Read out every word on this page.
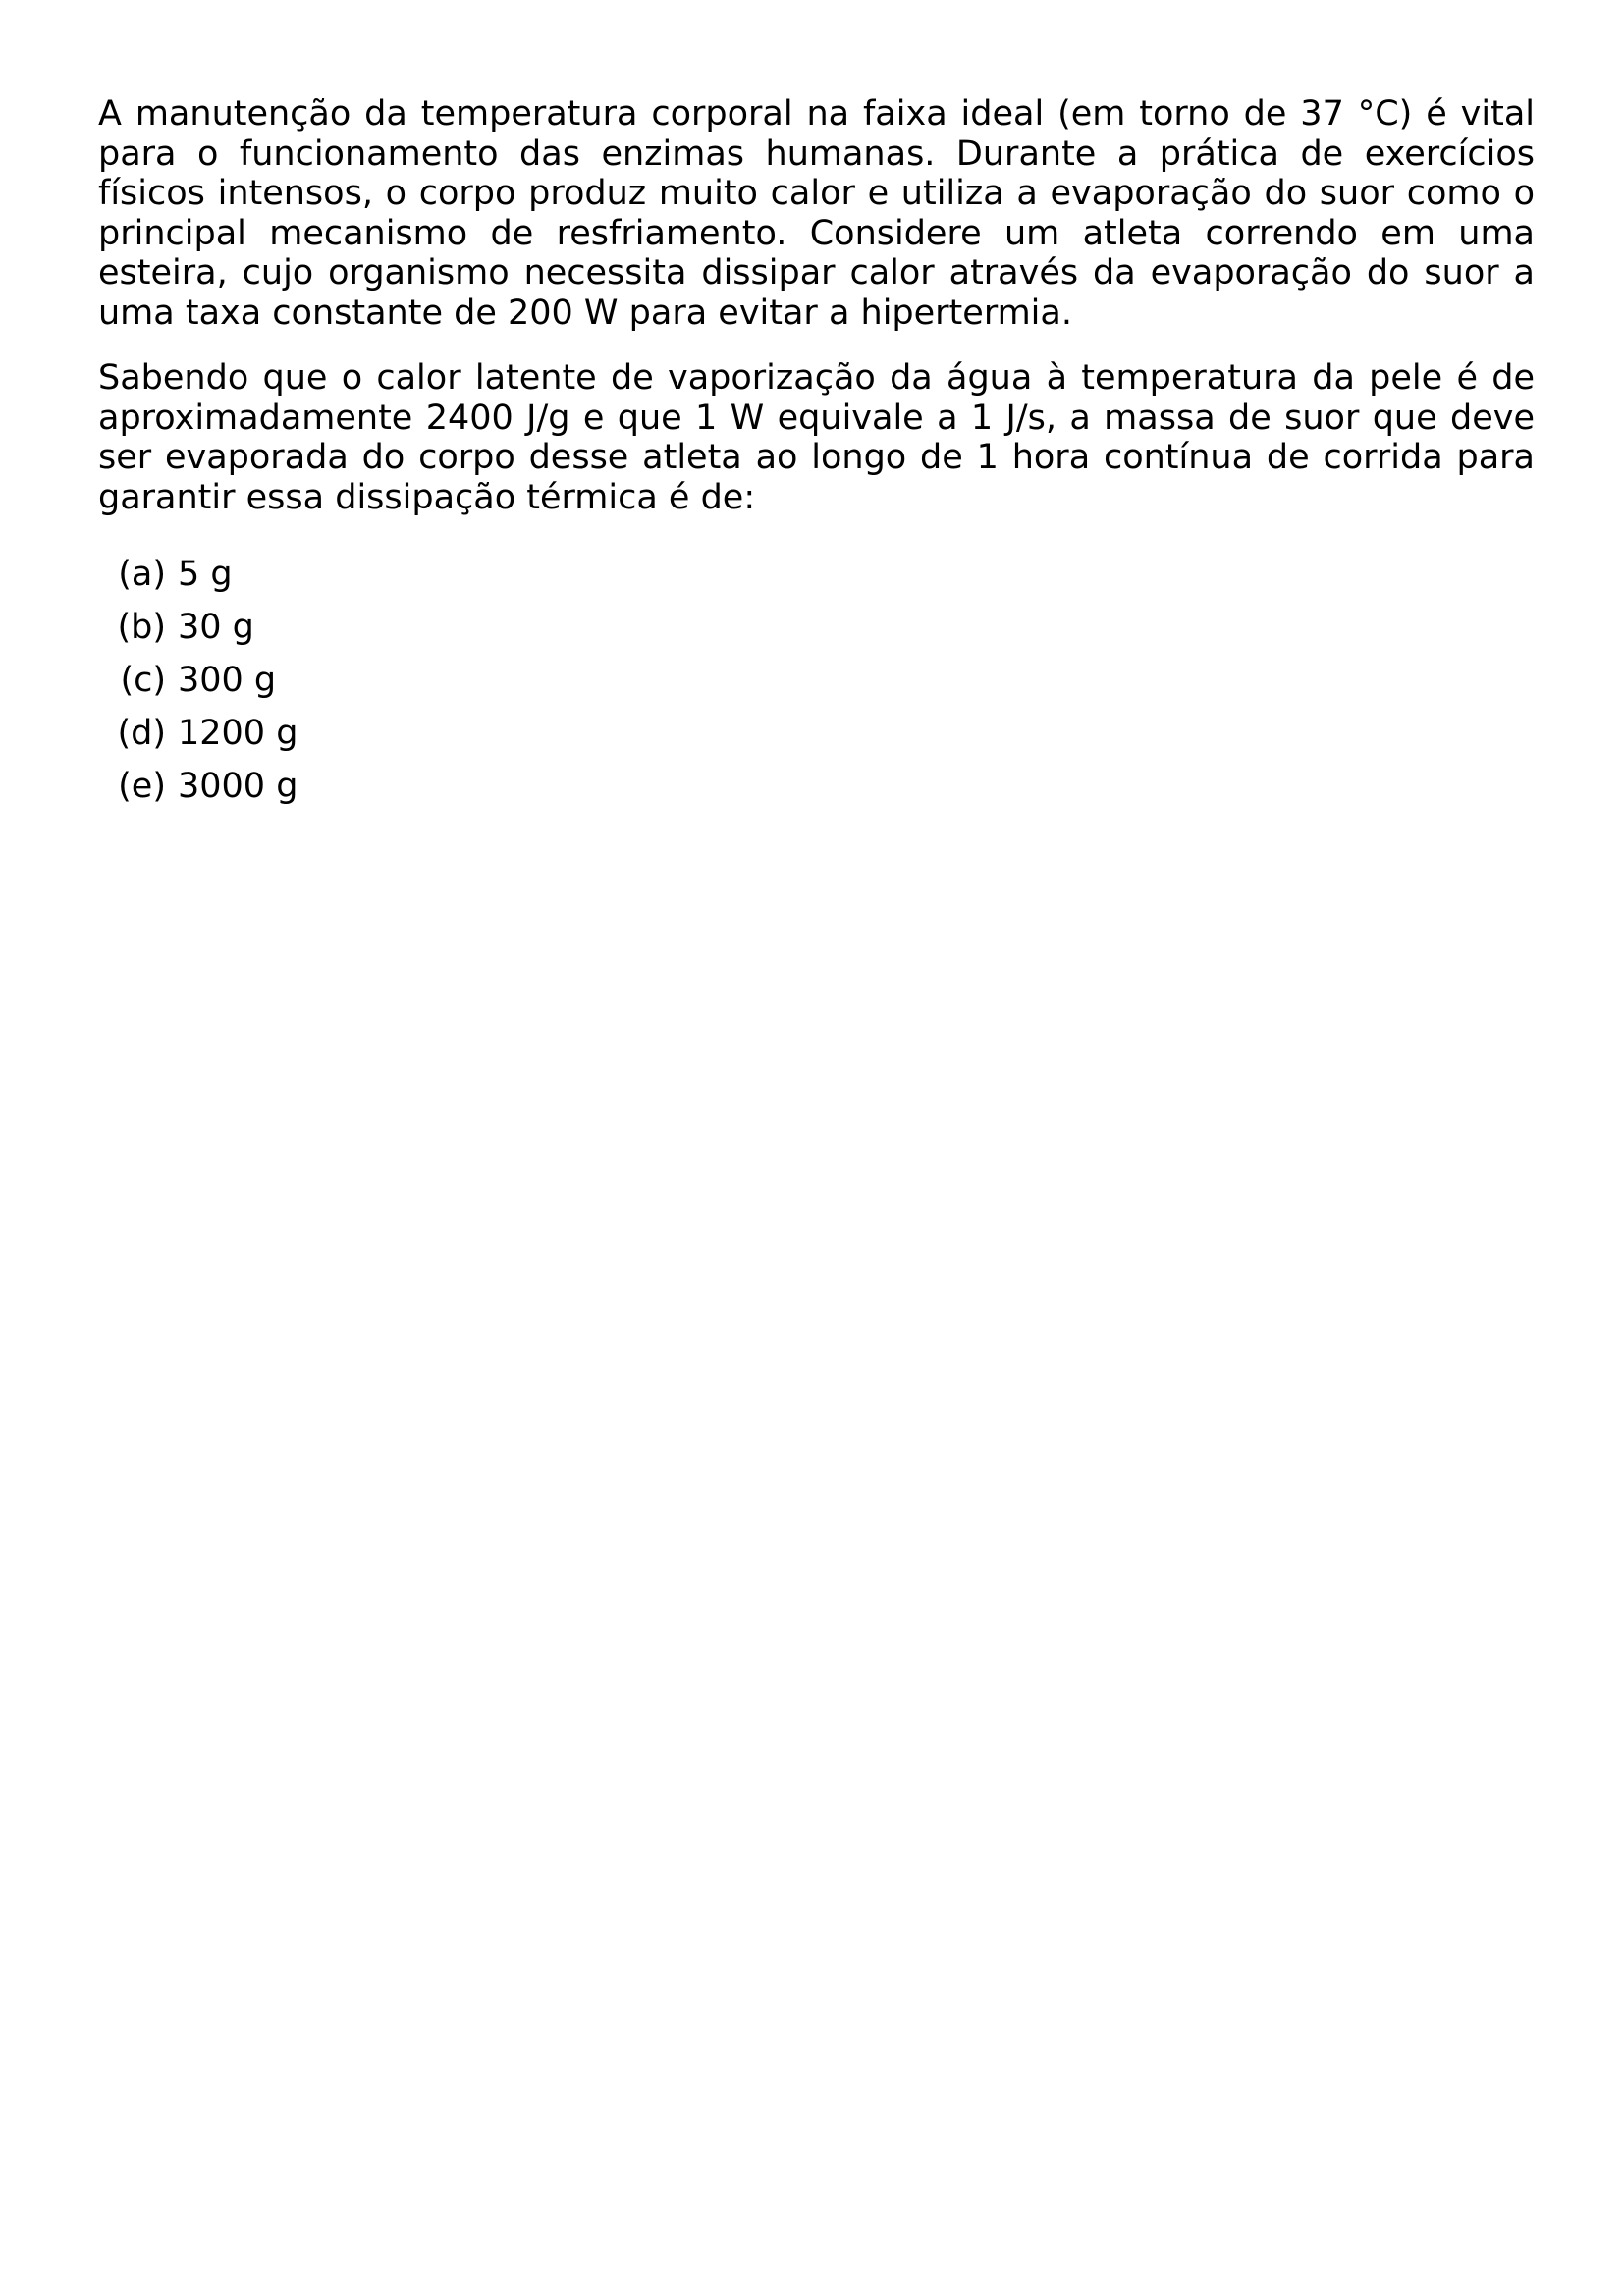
A manutenção da temperatura corporal na faixa ideal (em torno de 37 °C) é vital para o funcionamento das enzimas humanas. Durante a prática de exercícios físicos intensos, o corpo produz muito calor e utiliza a evaporação do suor como o principal mecanismo de resfriamento. Considere um atleta correndo em uma esteira, cujo organismo necessita dissipar calor através da evaporação do suor a uma taxa constante de 200 W para evitar a hipertermia.

Sabendo que o calor latente de vaporização da água à temperatura da pele é de aproximadamente 2400 J/g e que 1 W equivale a 1 J/s, a massa de suor que deve ser evaporada do corpo desse atleta ao longo de 1 hora contínua de corrida para garantir essa dissipação térmica é de:

(a) 5 g
(b) 30 g
(c) 300 g
(d) 1200 g
(e) 3000 g
